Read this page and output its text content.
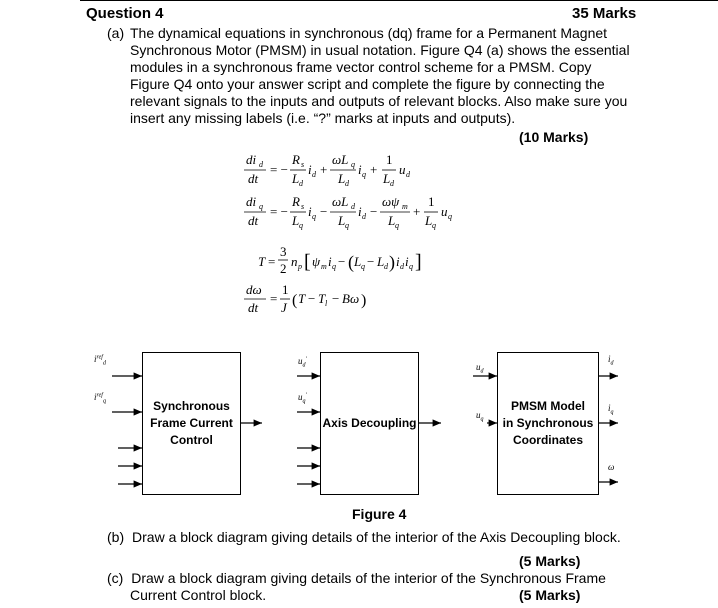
Question 4	35 Marks
(a) The dynamical equations in synchronous (dq) frame for a Permanent Magnet Synchronous Motor (PMSM) in usual notation. Figure Q4 (a) shows the essential modules in a synchronous frame vector control scheme for a PMSM. Copy Figure Q4 onto your answer script and complete the figure by connecting the relevant signals to the inputs and outputs of relevant blocks. Also make sure you insert any missing labels (i.e. “?” marks at inputs and outputs).
(10 Marks)
di d
dt
= −
R s
L d
i d +
ωL q
L d
i q +
1
L d
u d
di q
dt
= −
R s
L q
i q −
ωL d
L q
i d −
ωψ m
L q
+
1
L q
u q
T =
3
2 n p [ ψ m i q − ( L q − L d ) i d i q ]
dω
dt
=
1
J ( T − T l − Bω )
Synchronous
Frame Current
Control
Axis Decoupling
PMSM Model
in Synchronous
Coordinates
$i^{ref}_d$
$i^{ref}_q$
$u_d'$
$u_q'$
$u_d$
$u_q$
$i_d$
$i_q$
ω
Figure 4
(b) Draw a block diagram giving details of the interior of the Axis Decoupling block.
(5 Marks)
(c) Draw a block diagram giving details of the interior of the Synchronous Frame
Current Control block.	(5 Marks)
